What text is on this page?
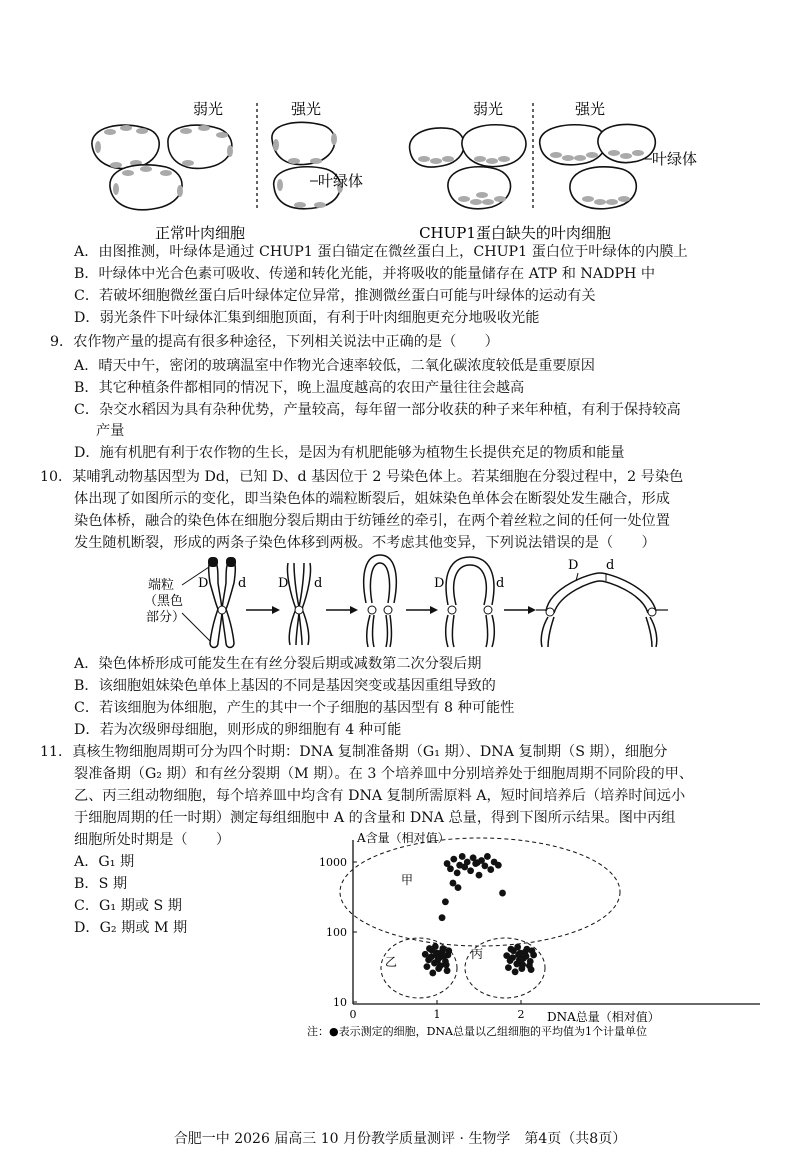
弱光	强光
叶绿体
弱光	强光
叶绿体
正常叶肉细胞	CHUP1蛋白缺失的叶肉细胞
A．由图推测，叶绿体是通过 CHUP1 蛋白锚定在微丝蛋白上，CHUP1 蛋白位于叶绿体的内膜上
B．叶绿体中光合色素可吸收、传递和转化光能，并将吸收的能量储存在 ATP 和 NADPH 中
C．若破坏细胞微丝蛋白后叶绿体定位异常，推测微丝蛋白可能与叶绿体的运动有关
D．弱光条件下叶绿体汇集到细胞顶面，有利于叶肉细胞更充分地吸收光能
9．农作物产量的提高有很多种途径，下列相关说法中正确的是（　　）
A．晴天中午，密闭的玻璃温室中作物光合速率较低，二氧化碳浓度较低是重要原因
B．其它种植条件都相同的情况下，晚上温度越高的农田产量往往会越高
C．杂交水稻因为具有杂种优势，产量较高，每年留一部分收获的种子来年种植，有利于保持较高
产量
D．施有机肥有利于农作物的生长，是因为有机肥能够为植物生长提供充足的物质和能量
10．某哺乳动物基因型为 Dd，已知 D、d 基因位于 2 号染色体上。若某细胞在分裂过程中，2 号染色
体出现了如图所示的变化，即当染色体的端粒断裂后，姐妹染色单体会在断裂处发生融合，形成
染色体桥，融合的染色体在细胞分裂后期由于纺锤丝的牵引，在两个着丝粒之间的任何一处位置
发生随机断裂，形成的两条子染色体移到两极。不考虑其他变异，下列说法错误的是（　　）
端粒
（黑色
部分）
D d D d	D	d
D d
A．染色体桥形成可能发生在有丝分裂后期或减数第二次分裂后期
B．该细胞姐妹染色单体上基因的不同是基因突变或基因重组导致的
C．若该细胞为体细胞，产生的其中一个子细胞的基因型有 8 种可能性
D．若为次级卵母细胞，则形成的卵细胞有 4 种可能
11．真核生物细胞周期可分为四个时期：DNA 复制准备期（G₁ 期）、DNA 复制期（S 期），细胞分
裂准备期（G₂ 期）和有丝分裂期（M 期）。在 3 个培养皿中分别培养处于细胞周期不同阶段的甲、
乙、丙三组动物细胞，每个培养皿中均含有 DNA 复制所需原料 A，短时间培养后（培养时间远小
于细胞周期的任一时期）测定每组细胞中 A 的含量和 DNA 总量，得到下图所示结果。图中丙组
细胞所处时期是（　　）
A．G₁ 期
B．S 期
C．G₁ 期或 S 期
D．G₂ 期或 M 期
A含量（相对值）
10
100
1000
0	1	2
甲
乙
丙
DNA总量（相对值）
注：●表示测定的细胞，DNA总量以乙组细胞的平均值为1个计量单位
合肥一中 2026 届高三 10 月份教学质量测评 · 生物学　第4页（共8页）
